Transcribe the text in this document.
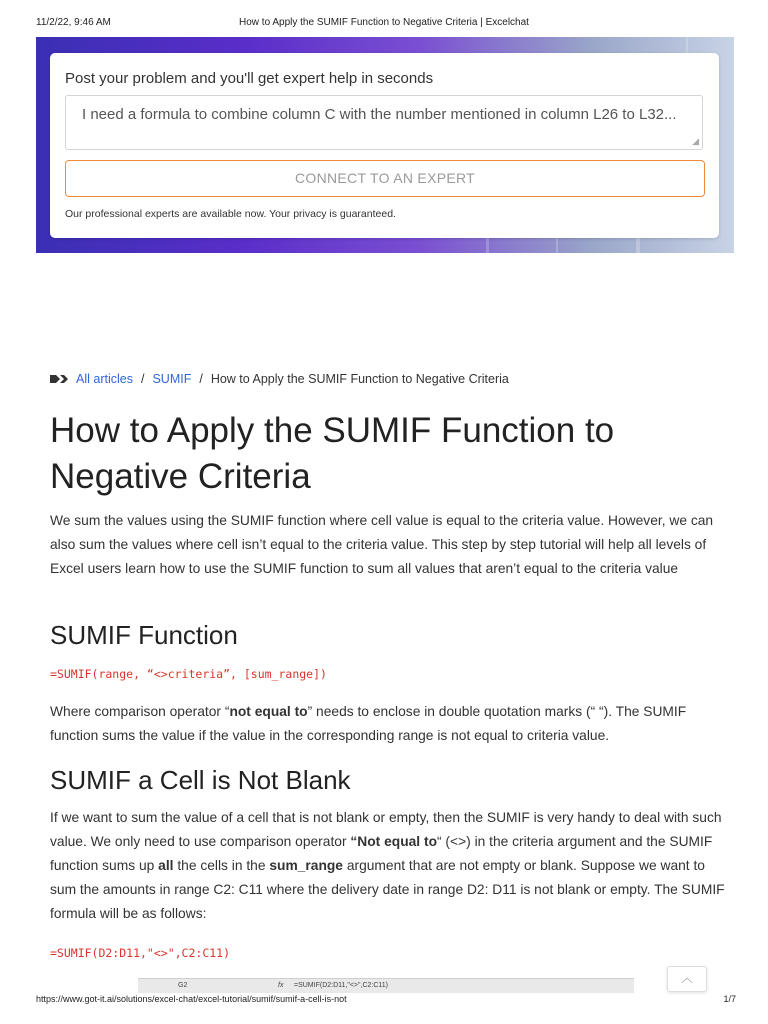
11/2/22, 9:46 AM	How to Apply the SUMIF Function to Negative Criteria | Excelchat
Post your problem and you'll get expert help in seconds
I need a formula to combine column C with the number mentioned in column L26 to L32...
◢
CONNECT TO AN EXPERT
Our professional experts are available now. Your privacy is guaranteed.
All articles / SUMIF / How to Apply the SUMIF Function to Negative Criteria
How to Apply the SUMIF Function to Negative Criteria

We sum the values using the SUMIF function where cell value is equal to the criteria value. However, we can also sum the values where cell isn’t equal to the criteria value. This step by step tutorial will help all levels of Excel users learn how to use the SUMIF function to sum all values that aren’t equal to the criteria value

SUMIF Function

=SUMIF(range, “<>criteria”, [sum_range])

Where comparison operator “not equal to” needs to enclose in double quotation marks (“ “). The SUMIF function sums the value if the value in the corresponding range is not equal to criteria value.

SUMIF a Cell is Not Blank

If we want to sum the value of a cell that is not blank or empty, then the SUMIF is very handy to deal with such value. We only need to use comparison operator “Not equal to“ (<>) in the criteria argument and the SUMIF function sums up all the cells in the sum_range argument that are not empty or blank. Suppose we want to sum the amounts in range C2: C11 where the delivery date in range D2: D11 is not blank or empty. The SUMIF formula will be as follows:

=SUMIF(D2:D11,"<>",C2:C11)

G2	fx =SUMIF(D2:D11,"<>",C2:C11)
︿
https://www.got-it.ai/solutions/excel-chat/excel-tutorial/sumif/sumif-a-cell-is-not	1/7
